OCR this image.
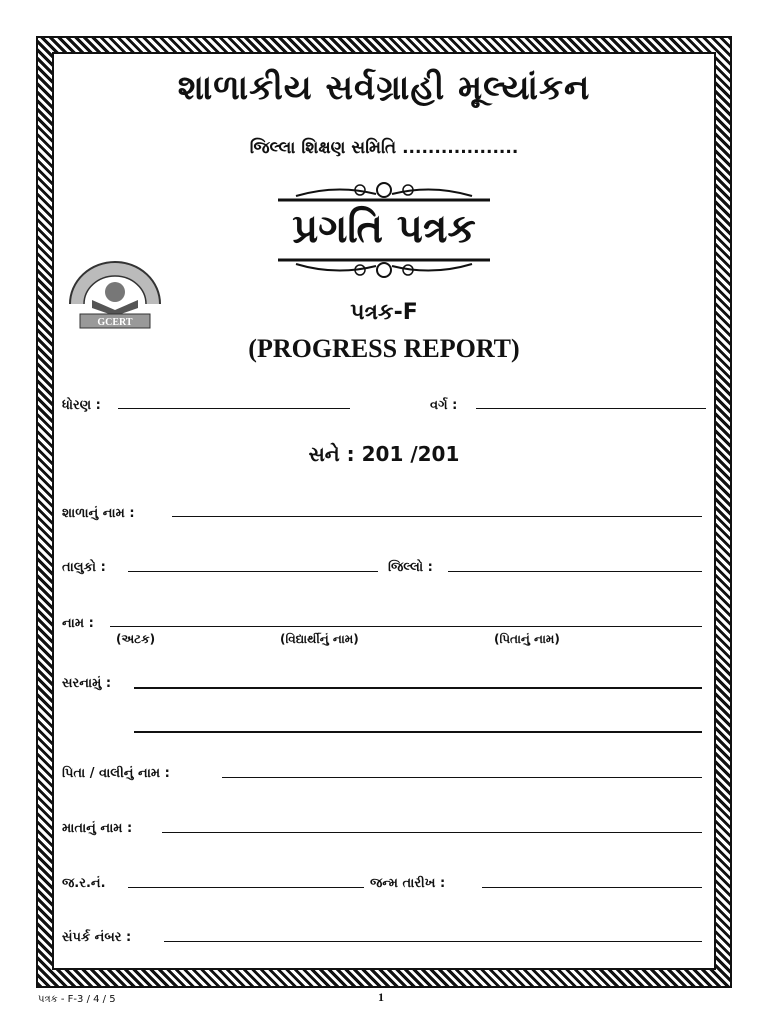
શાળાકીય સર્વગ્રાહી મૂલ્યાંકન
જિલ્લા શિક્ષણ સમિતિ ..................
પ્રગતિ પત્રક
GCERT	પત્રક-F
(PROGRESS REPORT)
ધોરણ :	વર્ગ :
સને : 201 /201
શાળાનું નામ :
તાલુકો :	જિલ્લો :
નામ :
(અટક)	(વિદ્યાર્થીનું નામ)	(પિતાનું નામ)
સરનામું :
પિતા / વાલીનું નામ :
માતાનું નામ :
જ.ર.નં.	જન્મ તારીખ :
સંપર્ક નંબર :
પત્રક - F-3 / 4 / 5	1
